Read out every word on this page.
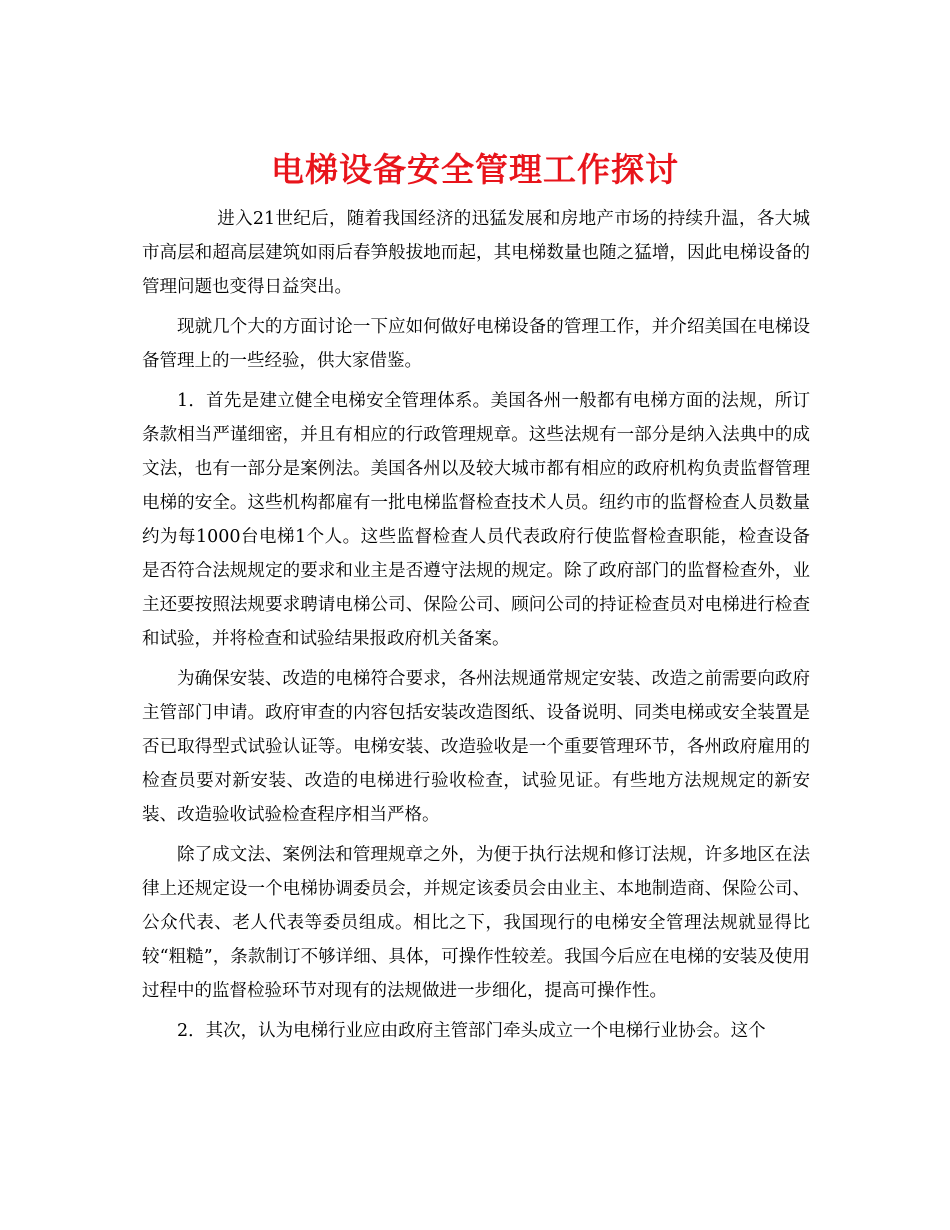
电梯设备安全管理工作探讨

进入21世纪后，随着我国经济的迅猛发展和房地产市场的持续升温，各大城市高层和超高层建筑如雨后春笋般拔地而起，其电梯数量也随之猛增，因此电梯设备的管理问题也变得日益突出。

现就几个大的方面讨论一下应如何做好电梯设备的管理工作，并介绍美国在电梯设备管理上的一些经验，供大家借鉴。

1．首先是建立健全电梯安全管理体系。美国各州一般都有电梯方面的法规，所订条款相当严谨细密，并且有相应的行政管理规章。这些法规有一部分是纳入法典中的成文法，也有一部分是案例法。美国各州以及较大城市都有相应的政府机构负责监督管理电梯的安全。这些机构都雇有一批电梯监督检查技术人员。纽约市的监督检查人员数量约为每1000台电梯1个人。这些监督检查人员代表政府行使监督检查职能，检查设备是否符合法规规定的要求和业主是否遵守法规的规定。除了政府部门的监督检查外，业主还要按照法规要求聘请电梯公司、保险公司、顾问公司的持证检查员对电梯进行检查和试验，并将检查和试验结果报政府机关备案。

为确保安装、改造的电梯符合要求，各州法规通常规定安装、改造之前需要向政府主管部门申请。政府审查的内容包括安装改造图纸、设备说明、同类电梯或安全装置是否已取得型式试验认证等。电梯安装、改造验收是一个重要管理环节，各州政府雇用的检查员要对新安装、改造的电梯进行验收检查，试验见证。有些地方法规规定的新安装、改造验收试验检查程序相当严格。

除了成文法、案例法和管理规章之外，为便于执行法规和修订法规，许多地区在法律上还规定设一个电梯协调委员会，并规定该委员会由业主、本地制造商、保险公司、公众代表、老人代表等委员组成。相比之下，我国现行的电梯安全管理法规就显得比较“粗糙”，条款制订不够详细、具体，可操作性较差。我国今后应在电梯的安装及使用过程中的监督检验环节对现有的法规做进一步细化，提高可操作性。

2．其次，认为电梯行业应由政府主管部门牵头成立一个电梯行业协会。这个
